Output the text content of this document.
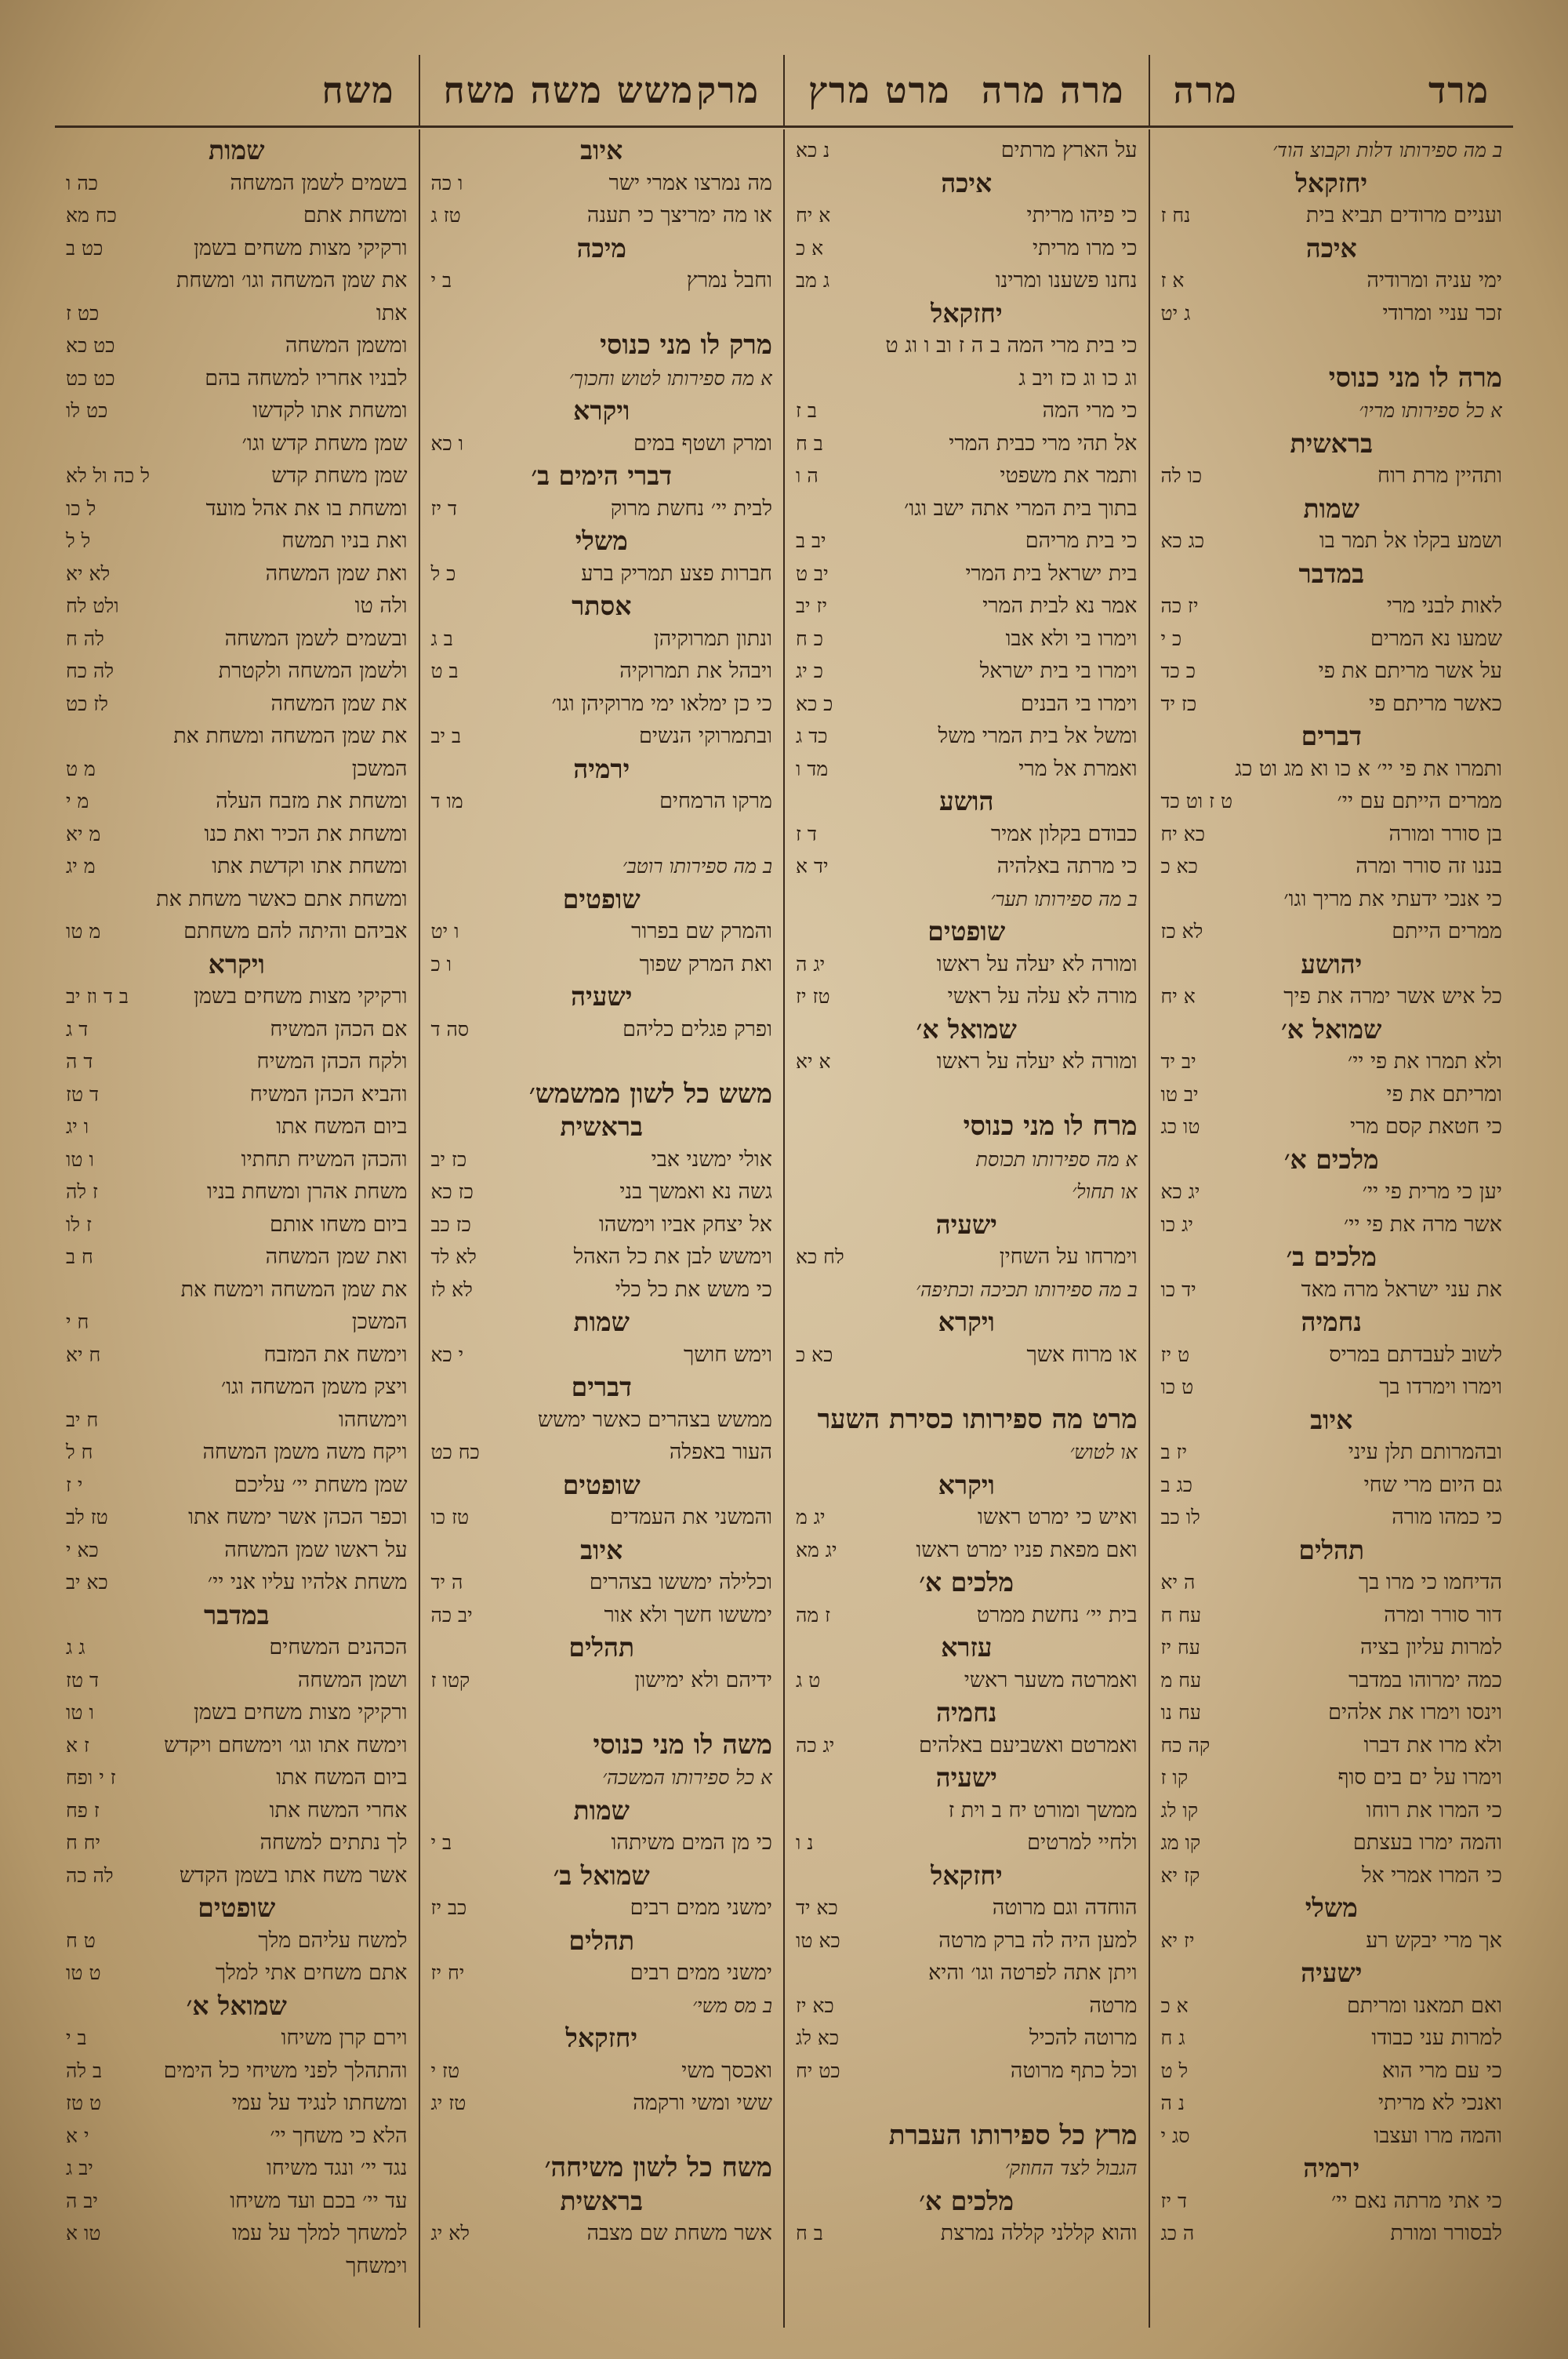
מרד
מרה
מרה מרה
מרט מרץ
מרק
משש משה משח
משח
ב מה ספירותו דלות וקבוצ הוד׳
יחזקאל
ועניים מרודים תביא בית
נח ז
איכה
ימי עניה ומרודיה
א ז
זכר עניי ומרודי
ג יט
מרה לו מני כנוסי
א כל ספירותו מריו׳
בראשית
ותהיין מרת רוח
כו לה
שמות
ושמע בקלו אל תמר בו
כג כא
במדבר
לאות לבני מרי
יז כה
שמעו נא המרים
כ י
על אשר מריתם את פי
כ כד
כאשר מריתם פי
כז יד
דברים
ותמרו את פי יי׳ א כו וא מג וט כג
ממרים הייתם עם יי׳
ט ז וט כד
בן סורר ומורה
כא יח
בננו זה סורר ומרה
כא כ
כי אנכי ידעתי את מריך וגו׳
ממרים הייתם
לא כז
יהושע
כל איש אשר ימרה את פיך
א יח
שמואל א׳
ולא תמרו את פי יי׳
יב יד
ומריתם את פי
יב טו
כי חטאת קסם מרי
טו כג
מלכים א׳
יען כי מרית פי יי׳
יג כא
אשר מרה את פי יי׳
יג כו
מלכים ב׳
את עני ישראל מרה מאד
יד כו
נחמיה
לשוב לעבדתם במריס
ט יז
וימרו וימרדו בך
ט כו
איוב
ובהמרותם תלן עיני
יז ב
גם היום מרי שחי
כג ב
כי כמהו מורה
לו כב
תהלים
הדיחמו כי מרו בך
ה יא
דור סורר ומרה
עח ח
למרות עליון בציה
עח יז
כמה ימרוהו במדבר
עח מ
וינסו וימרו את אלהים
עח נו
ולא מרו את דברו
קה כח
וימרו על ים בים סוף
קו ז
כי המרו את רוחו
קו לג
והמה ימרו בעצתם
קו מג
כי המרו אמרי אל
קז יא
משלי
אך מרי יבקש רע
יז יא
ישעיה
ואם תמאנו ומריתם
א כ
למרות עני כבודו
ג ח
כי עם מרי הוא
ל ט
ואנכי לא מריתי
נ ה
והמה מרו ועצבו
סג י
ירמיה
כי אתי מרתה נאם יי׳
ד יז
לבסורר ומורת
ה כג
על הארץ מרתים
נ כא
איכה
כי פיהו מריתי
א יח
כי מרו מריתי
א כ
נחנו פשענו ומרינו
ג מב
יחזקאל
כי בית מרי המה ב ה ז וב ו וג ט
וג כו וג כז ויב ג
כי מרי המה
ב ז
אל תהי מרי כבית המרי
ב ח
ותמר את משפטי
ה ו
בתוך בית המרי אתה ישב וגו׳
כי בית מריהם
יב ב
בית ישראל בית המרי
יב ט
אמר נא לבית המרי
יז יב
וימרו בי ולא אבו
כ ח
וימרו בי בית ישראל
כ יג
וימרו בי הבנים
כ כא
ומשל אל בית המרי משל
כד ג
ואמרת אל מרי
מד ו
הושע
כבודם בקלון אמיר
ד ז
כי מרתה באלהיה
יד א
ב מה ספירותו תער׳
שופטים
ומורה לא יעלה על ראשו
יג ה
מורה לא עלה על ראשי
טז יז
שמואל א׳
ומורה לא יעלה על ראשו
א יא
מרח לו מני כנוסי
א מה ספירותו תכוסת
או תחול׳
ישעיה
וימרחו על השחין
לח כא
ב מה ספירותו תכיכה וכתיפה׳
ויקרא
או מרוח אשך
כא כ
מרט מה ספירותו כסירת השער
או לטוש׳
ויקרא
ואיש כי ימרט ראשו
יג מ
ואם מפאת פניו ימרט ראשו
יג מא
מלכים א׳
בית יי׳ נחשת ממרט
ז מה
עזרא
ואמרטה משער ראשי
ט ג
נחמיה
ואמרטם ואשביעם באלהים
יג כה
ישעיה
ממשך ומורט יח ב וית ז
ולחיי למרטים
נ ו
יחזקאל
הוחדה וגם מרוטה
כא יד
למען היה לה ברק מרטה
כא טו
ויתן אתה לפרטה וגו׳ והיא
מרטה
כא יז
מרוטה להכיל
כא לג
וכל כתף מרוטה
כט יח
מרץ כל ספירותו העברת
הגבול לצד החוזק׳
מלכים א׳
והוא קללני קללה נמרצת
ב ח
איוב
מה נמרצו אמרי ישר
ו כה
או מה ימריצך כי תענה
טז ג
מיכה
וחבל נמרץ
ב י
מרק לו מני כנוסי
א מה ספירותו לטוש וחכוך׳
ויקרא
ומרק ושטף במים
ו כא
דברי הימים ב׳
לבית יי׳ נחשת מרוק
ד יז
משלי
חברות פצע תמריק ברע
כ ל
אסתר
ונתון תמרוקיהן
ב ג
ויבהל את תמרוקיה
ב ט
כי כן ימלאו ימי מרוקיהן וגו׳
ובתמרוקי הנשים
ב יב
ירמיה
מרקו הרמחים
מו ד
ב מה ספירותו רוטב׳
שופטים
והמרק שם בפרור
ו יט
ואת המרק שפוך
ו כ
ישעיה
ופרק פגלים כליהם
סה ד
משש כל לשון ממשמש׳
בראשית
אולי ימשני אבי
כז יב
גשה נא ואמשך בני
כז כא
אל יצחק אביו וימשהו
כז כב
וימשש לבן את כל האהל
לא לד
כי משש את כל כלי
לא לז
שמות
וימש חושך
י כא
דברים
ממשש בצהרים כאשר ימשש
העור באפלה
כח כט
שופטים
והמשני את העמדים
טז כו
איוב
וכלילה ימששו בצהרים
ה יד
ימששו חשך ולא אור
יב כה
תהלים
ידיהם ולא ימישון
קטו ז
משה לו מני כנוסי
א כל ספירותו המשכה׳
שמות
כי מן המים משיתהו
ב י
שמואל ב׳
ימשני ממים רבים
כב יז
תהלים
ימשני ממים רבים
יח יז
ב מס משי׳
יחזקאל
ואכסך משי
טז י
ששי ומשי ורקמה
טז יג
משח כל לשון משיחה׳
בראשית
אשר משחת שם מצבה
לא יג
שמות
בשמים לשמן המשחה
כה ו
ומשחת אתם
כח מא
ורקיקי מצות משחים בשמן
כט ב
את שמן המשחה וגו׳ ומשחת
אתו
כט ז
ומשמן המשחה
כט כא
לבניו אחריו למשחה בהם
כט כט
ומשחת אתו לקדשו
כט לו
שמן משחת קדש וגו׳
שמן משחת קדש
ל כה ול לא
ומשחת בו את אהל מועד
ל כו
ואת בניו תמשח
ל ל
ואת שמן המשחה
לא יא
ולה טו
ולט לח
ובשמים לשמן המשחה
לה ח
ולשמן המשחה ולקטרת
לה כח
את שמן המשחה
לז כט
את שמן המשחה ומשחת את
המשכן
מ ט
ומשחת את מזבח העלה
מ י
ומשחת את הכיר ואת כנו
מ יא
ומשחת אתו וקדשת אתו
מ יג
ומשחת אתם כאשר משחת את
אביהם והיתה להם משחתם
מ טו
ויקרא
ורקיקי מצות משחים בשמן
ב ד וז יב
אם הכהן המשיח
ד ג
ולקח הכהן המשיח
ד ה
והביא הכהן המשיח
ד טז
ביום המשח אתו
ו יג
והכהן המשיח תחתיו
ו טו
משחת אהרן ומשחת בניו
ז לה
ביום משחו אותם
ז לו
ואת שמן המשחה
ח ב
את שמן המשחה וימשח את
המשכן
ח י
וימשח את המזבח
ח יא
ויצק משמן המשחה וגו׳
וימשחהו
ח יב
ויקח משה משמן המשחה
ח ל
שמן משחת יי׳ עליכם
י ז
וכפר הכהן אשר ימשח אתו
טז לב
על ראשו שמן המשחה
כא י
משחת אלהיו עליו אני יי׳
כא יב
במדבר
הכהנים המשחים
ג ג
ושמן המשחה
ד טז
ורקיקי מצות משחים בשמן
ו טו
וימשח אתו וגו׳ וימשחם ויקדש
ז א
ביום המשח אתו
ז י ופח
אחרי המשח אתו
ז פח
לך נתתים למשחה
יח ח
אשר משח אתו בשמן הקדש
לה כה
שופטים
למשח עליהם מלך
ט ח
אתם משחים אתי למלך
ט טו
שמואל א׳
וירם קרן משיחו
ב י
והתהלך לפני משיחי כל הימים
ב לה
ומשחתו לנגיד על עמי
ט טז
הלא כי משחך יי׳
י א
נגד יי׳ ונגד משיחו
יב ג
עד יי׳ בכם ועד משיחו
יב ה
למשחך למלך על עמו
טו א
וימשחך
